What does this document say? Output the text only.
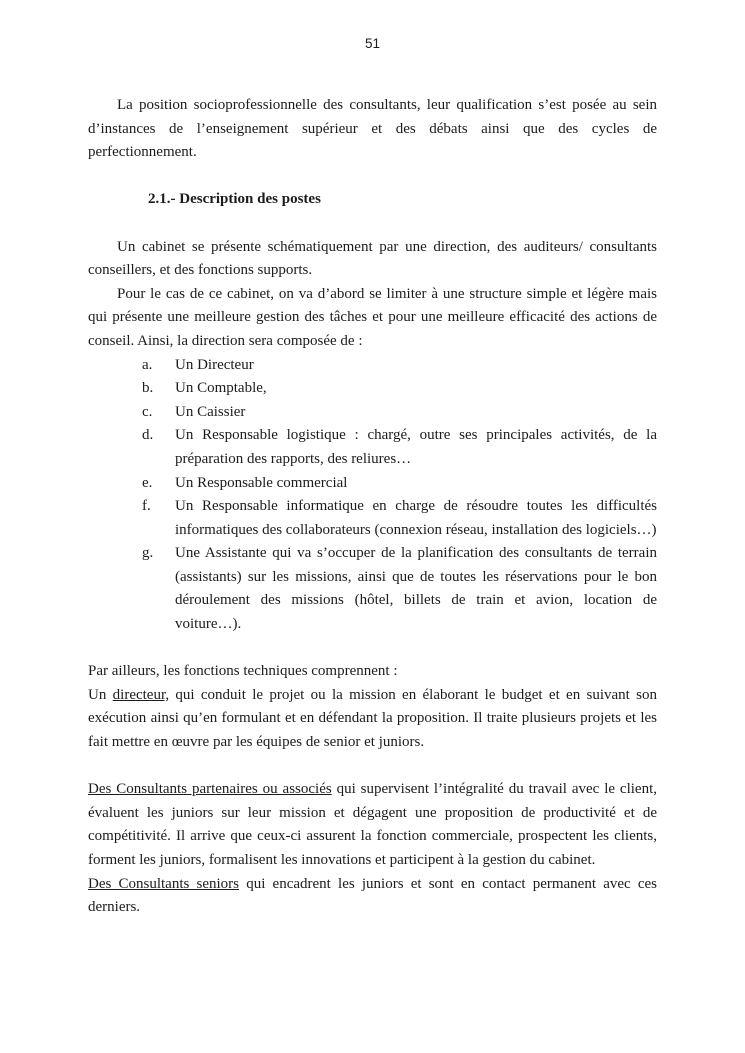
51

La position socioprofessionnelle des consultants, leur qualification s’est posée au sein d’instances de l’enseignement supérieur et des débats ainsi que des cycles de perfectionnement.

2.1.- Description des postes

Un cabinet se présente schématiquement par une direction, des auditeurs/ consultants conseillers, et des fonctions supports.

Pour le cas de ce cabinet, on va d’abord se limiter à une structure simple et légère mais qui présente une meilleure gestion des tâches et pour une meilleure efficacité des actions de conseil. Ainsi, la direction sera composée de :

a. Un Directeur
b. Un Comptable,
c. Un Caissier
d. Un Responsable logistique : chargé, outre ses principales activités, de la préparation des rapports, des reliures…
e. Un Responsable commercial
f. Un Responsable informatique en charge de résoudre toutes les difficultés informatiques des collaborateurs (connexion réseau, installation des logiciels…)
g. Une Assistante qui va s’occuper de la planification des consultants de terrain (assistants) sur les missions, ainsi que de toutes les réservations pour le bon déroulement des missions (hôtel, billets de train et avion, location de voiture…).

Par ailleurs, les fonctions techniques comprennent :

Un directeur, qui conduit le projet ou la mission en élaborant le budget et en suivant son exécution ainsi qu’en formulant et en défendant la proposition. Il traite plusieurs projets et les fait mettre en œuvre par les équipes de senior et juniors.

Des Consultants partenaires ou associés qui supervisent l’intégralité du travail avec le client, évaluent les juniors sur leur mission et dégagent une proposition de productivité et de compétitivité. Il arrive que ceux-ci assurent la fonction commerciale, prospectent les clients, forment les juniors, formalisent les innovations et participent à la gestion du cabinet.

Des Consultants seniors qui encadrent les juniors et sont en contact permanent avec ces derniers.
